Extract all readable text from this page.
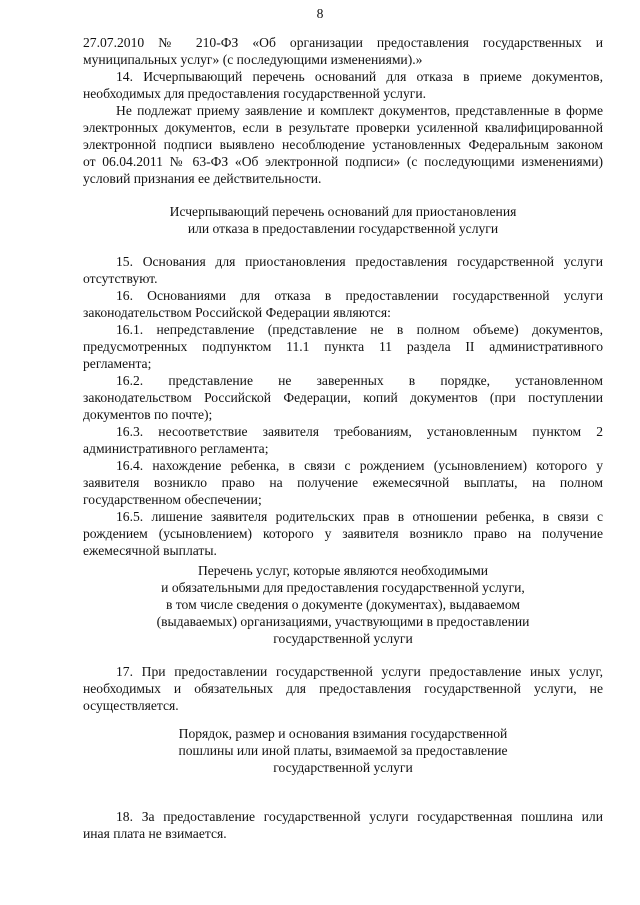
8
27.07.2010 № 210-ФЗ «Об организации предоставления государственных и
муниципальных услуг» (с последующими изменениями).»
14. Исчерпывающий перечень оснований для отказа в приеме документов,
необходимых для предоставления государственной услуги.
Не подлежат приему заявление и комплект документов, представленные в форме
электронных документов, если в результате проверки усиленной квалифицированной
электронной подписи выявлено несоблюдение установленных Федеральным законом
от 06.04.2011 № 63-ФЗ «Об электронной подписи» (с последующими изменениями)
условий признания ее действительности.
Исчерпывающий перечень оснований для приостановления
или отказа в предоставлении государственной услуги
15. Основания для приостановления предоставления государственной услуги
отсутствуют.
16. Основаниями для отказа в предоставлении государственной услуги
законодательством Российской Федерации являются:
16.1. непредставление (представление не в полном объеме) документов,
предусмотренных подпунктом 11.1 пункта 11 раздела II административного
регламента;
16.2. представление не заверенных в порядке, установленном
законодательством Российской Федерации, копий документов (при поступлении
документов по почте);
16.3. несоответствие заявителя требованиям, установленным пунктом 2
административного регламента;
16.4. нахождение ребенка, в связи с рождением (усыновлением) которого у
заявителя возникло право на получение ежемесячной выплаты, на полном
государственном обеспечении;
16.5. лишение заявителя родительских прав в отношении ребенка, в связи с
рождением (усыновлением) которого у заявителя возникло право на получение
ежемесячной выплаты.
Перечень услуг, которые являются необходимыми
и обязательными для предоставления государственной услуги,
в том числе сведения о документе (документах), выдаваемом
(выдаваемых) организациями, участвующими в предоставлении
государственной услуги
17. При предоставлении государственной услуги предоставление иных услуг,
необходимых и обязательных для предоставления государственной услуги, не
осуществляется.
Порядок, размер и основания взимания государственной
пошлины или иной платы, взимаемой за предоставление
государственной услуги
18. За предоставление государственной услуги государственная пошлина или
иная плата не взимается.
